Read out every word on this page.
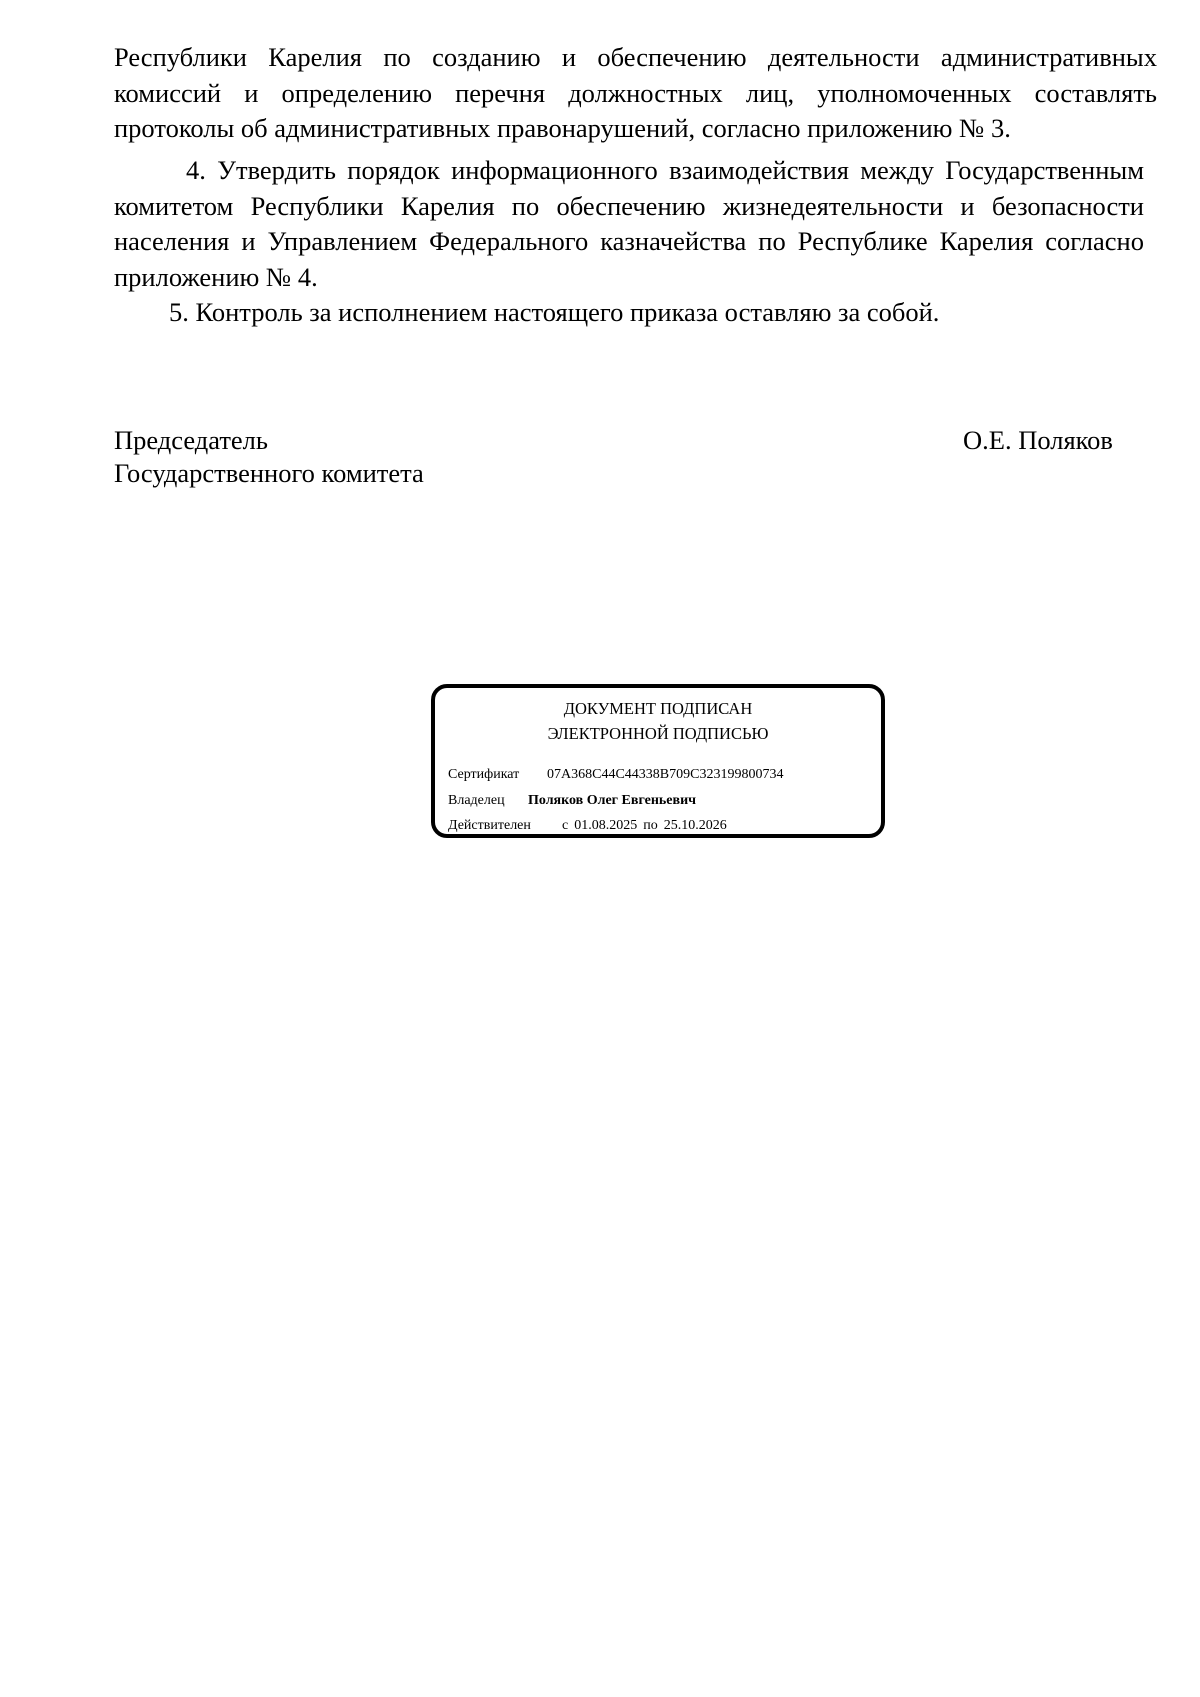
Республики Карелия по созданию и обеспечению деятельности административных комиссий и определению перечня должностных лиц, уполномоченных составлять протоколы об административных правонарушений, согласно приложению № 3.

4. Утвердить порядок информационного взаимодействия между Государственным комитетом Республики Карелия по обеспечению жизнедеятельности и безопасности населения и Управлением Федерального казначейства по Республике Карелия согласно приложению № 4.

5. Контроль за исполнением настоящего приказа оставляю за собой.

Председатель
Государственного комитета
О.Е. Поляков
ДОКУМЕНТ ПОДПИСАН
ЭЛЕКТРОННОЙ ПОДПИСЬЮ
Сертификат 07A368C44C44338B709C323199800734
Владелец Поляков Олег Евгеньевич
Действителен с 01.08.2025 по 25.10.2026
